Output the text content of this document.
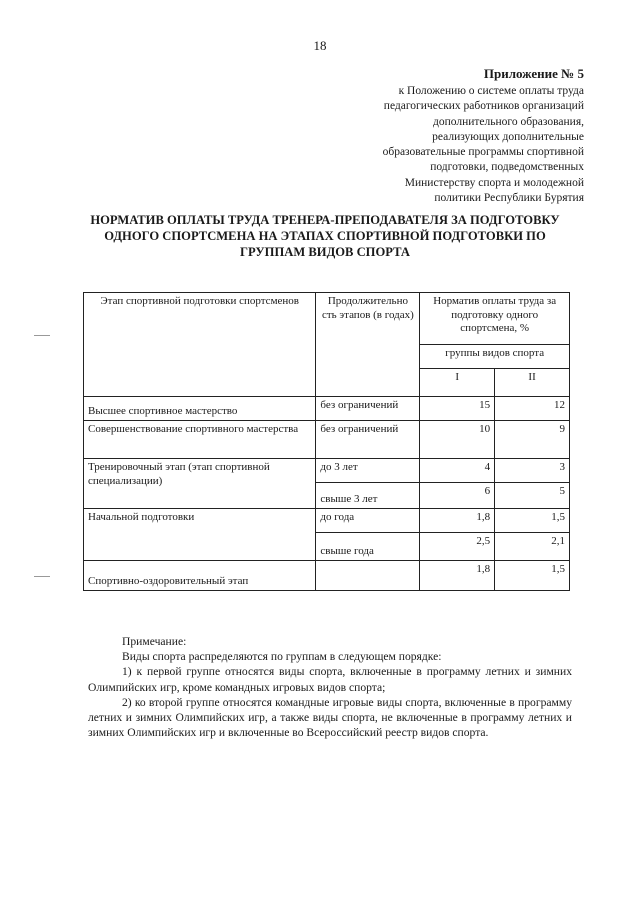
18
Приложение № 5
к Положению о системе оплаты труда
педагогических работников организаций
дополнительного образования,
реализующих дополнительные
образовательные программы спортивной
подготовки, подведомственных
Министерству спорта и молодежной
политики Республики Бурятия
НОРМАТИВ ОПЛАТЫ ТРУДА ТРЕНЕРА-ПРЕПОДАВАТЕЛЯ ЗА ПОДГОТОВКУ
ОДНОГО СПОРТСМЕНА НА ЭТАПАХ СПОРТИВНОЙ ПОДГОТОВКИ ПО
ГРУППАМ ВИДОВ СПОРТА
Этап спортивной подготовки спортсменов	Продолжительно сть этапов (в годах)	Норматив оплаты труда за подготовку одного спортсмена, %	
		группы видов спорта	
		I	II
Высшее спортивное мастерство	без ограничений	15	12
Совершенствование спортивного мастерства	без ограничений	10	9
Тренировочный этап (этап спортивной специализации)	до 3 лет	4	3
	свыше 3 лет	6	5
Начальной подготовки	до года	1,8	1,5
	свыше года	2,5	2,1
Спортивно-оздоровительный этап		1,8	1,5

Примечание:

Виды спорта распределяются по группам в следующем порядке:

1) к первой группе относятся виды спорта, включенные в программу летних и зимних Олимпийских игр, кроме командных игровых видов спорта;

2) ко второй группе относятся командные игровые виды спорта, включенные в программу летних и зимних Олимпийских игр, а также виды спорта, не включенные в программу летних и зимних Олимпийских игр и включенные во Всероссийский реестр видов спорта.
